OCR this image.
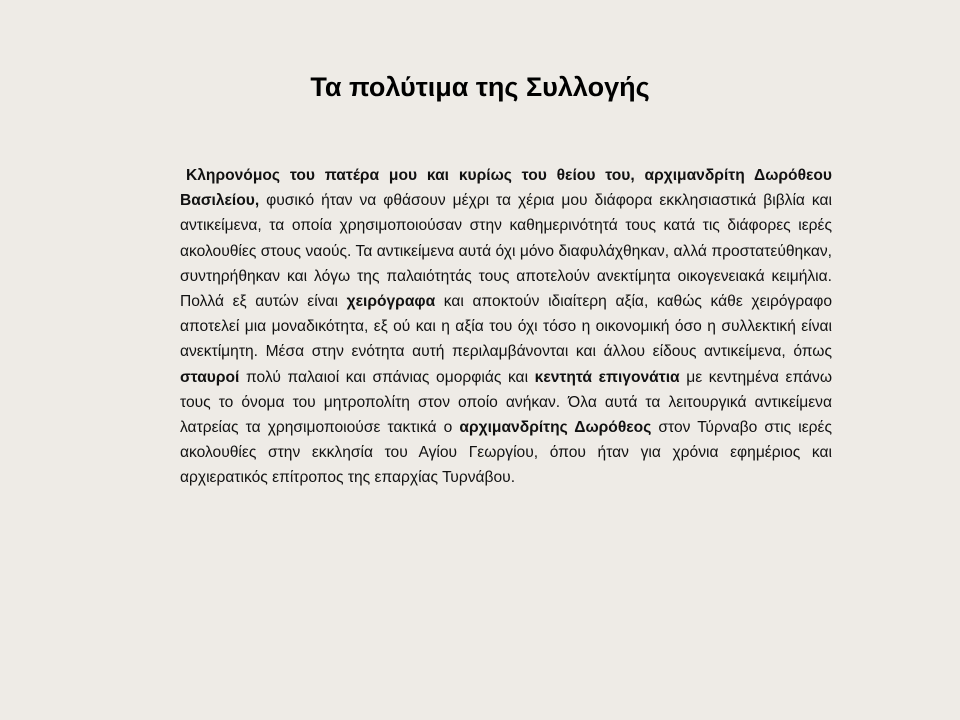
Τα πολύτιμα της Συλλογής

Κληρονόμος του πατέρα μου και κυρίως του θείου του, αρχιμανδρίτη Δωρόθεου Βασιλείου, φυσικό ήταν να φθάσουν μέχρι τα χέρια μου διάφορα εκκλησιαστικά βιβλία και αντικείμενα, τα οποία χρησιμοποιούσαν στην καθημερινότητά τους κατά τις διάφορες ιερές ακολουθίες στους ναούς. Τα αντικείμενα αυτά όχι μόνο διαφυλάχθηκαν, αλλά προστατεύθηκαν, συντηρήθηκαν και λόγω της παλαιότητάς τους αποτελούν ανεκτίμητα οικογενειακά κειμήλια. Πολλά εξ αυτών είναι χειρόγραφα και αποκτούν ιδιαίτερη αξία, καθώς κάθε χειρόγραφο αποτελεί μια μοναδικότητα, εξ ού και η αξία του όχι τόσο η οικονομική όσο η συλλεκτική είναι ανεκτίμητη. Μέσα στην ενότητα αυτή περιλαμβάνονται και άλλου είδους αντικείμενα, όπως σταυροί πολύ παλαιοί και σπάνιας ομορφιάς και κεντητά επιγονάτια με κεντημένα επάνω τους το όνομα του μητροπολίτη στον οποίο ανήκαν. Όλα αυτά τα λειτουργικά αντικείμενα λατρείας τα χρησιμοποιούσε τακτικά ο αρχιμανδρίτης Δωρόθεος στον Τύρναβο στις ιερές ακολουθίες στην εκκλησία του Αγίου Γεωργίου, όπου ήταν για χρόνια εφημέριος και αρχιερατικός επίτροπος της επαρχίας Τυρνάβου.
